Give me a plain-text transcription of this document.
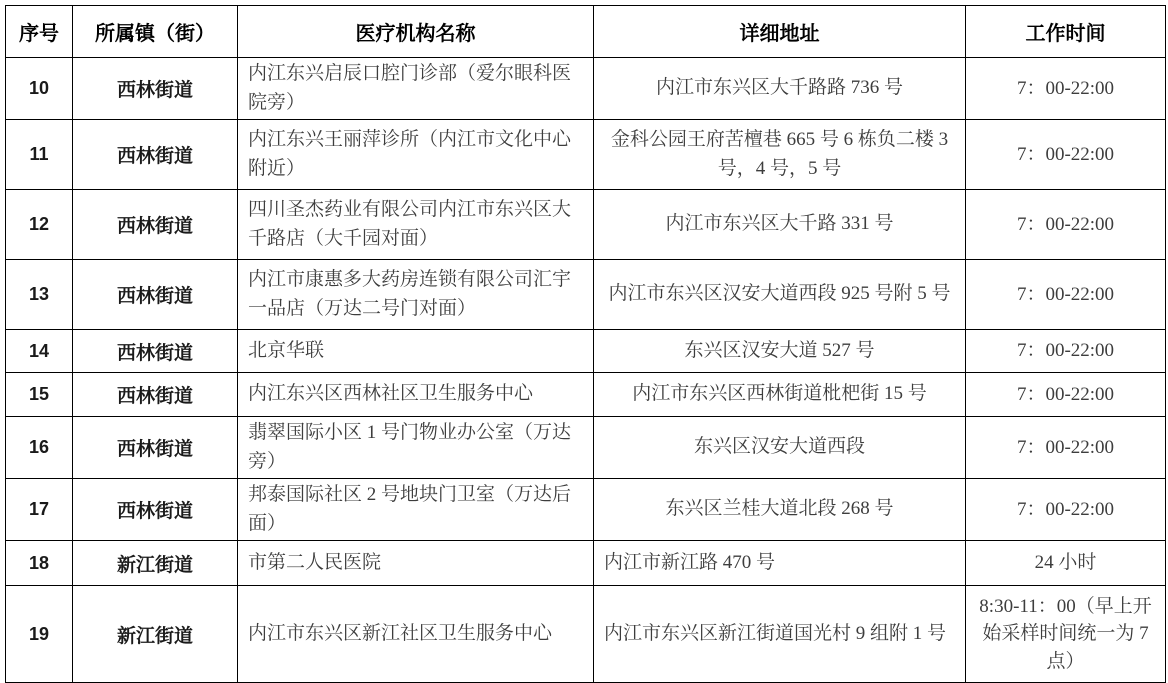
序号	所属镇（街）	医疗机构名称	详细地址	工作时间
10	西林街道	内江东兴启辰口腔门诊部（爱尔眼科医院旁）	内江市东兴区大千路路 736 号	7：00-22:00
11	西林街道	内江东兴王丽萍诊所（内江市文化中心附近）	金科公园王府苦檀巷 665 号 6 栋负二楼 3 号，4 号，5 号	7：00-22:00
12	西林街道	四川圣杰药业有限公司内江市东兴区大千路店（大千园对面）	内江市东兴区大千路 331 号	7：00-22:00
13	西林街道	内江市康惠多大药房连锁有限公司汇宇一品店（万达二号门对面）	内江市东兴区汉安大道西段 925 号附 5 号	7：00-22:00
14	西林街道	北京华联	东兴区汉安大道 527 号	7：00-22:00
15	西林街道	内江东兴区西林社区卫生服务中心	内江市东兴区西林街道枇杷街 15 号	7：00-22:00
16	西林街道	翡翠国际小区 1 号门物业办公室（万达旁）	东兴区汉安大道西段	7：00-22:00
17	西林街道	邦泰国际社区 2 号地块门卫室（万达后面）	东兴区兰桂大道北段 268 号	7：00-22:00
18	新江街道	市第二人民医院	内江市新江路 470 号	24 小时
19	新江街道	内江市东兴区新江社区卫生服务中心	内江市东兴区新江街道国光村 9 组附 1 号	8:30-11：00（早上开始采样时间统一为 7 点）
